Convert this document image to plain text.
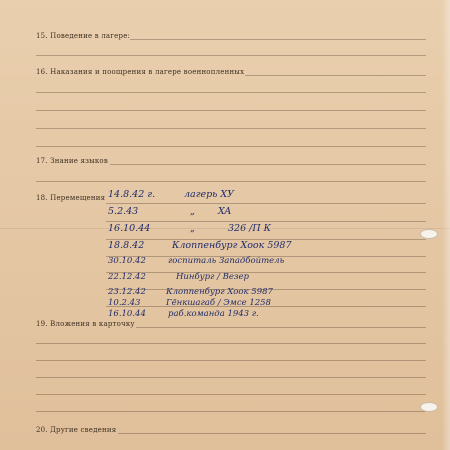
15. Поведение в лагере:
16. Наказания и поощрения в лагере военнопленных
17. Знание языков
18. Перемещения 14.8.42 г.	лагерь XУ
5.2.43	„ XA
16.10.44	„	326 /П К
18.8.42	Клоппенбург Хоок 5987
30.10.42	госпиталь Западбойтель
22.12.42	Нинбург / Везер
23.12.42 Клоппенбург Хоок 5987
10.2.43	Гёнкшагаб / Эмсе 1258
16.10.44	раб.команда 1943 г.
19. Вложения в карточку
20. Другие сведения
